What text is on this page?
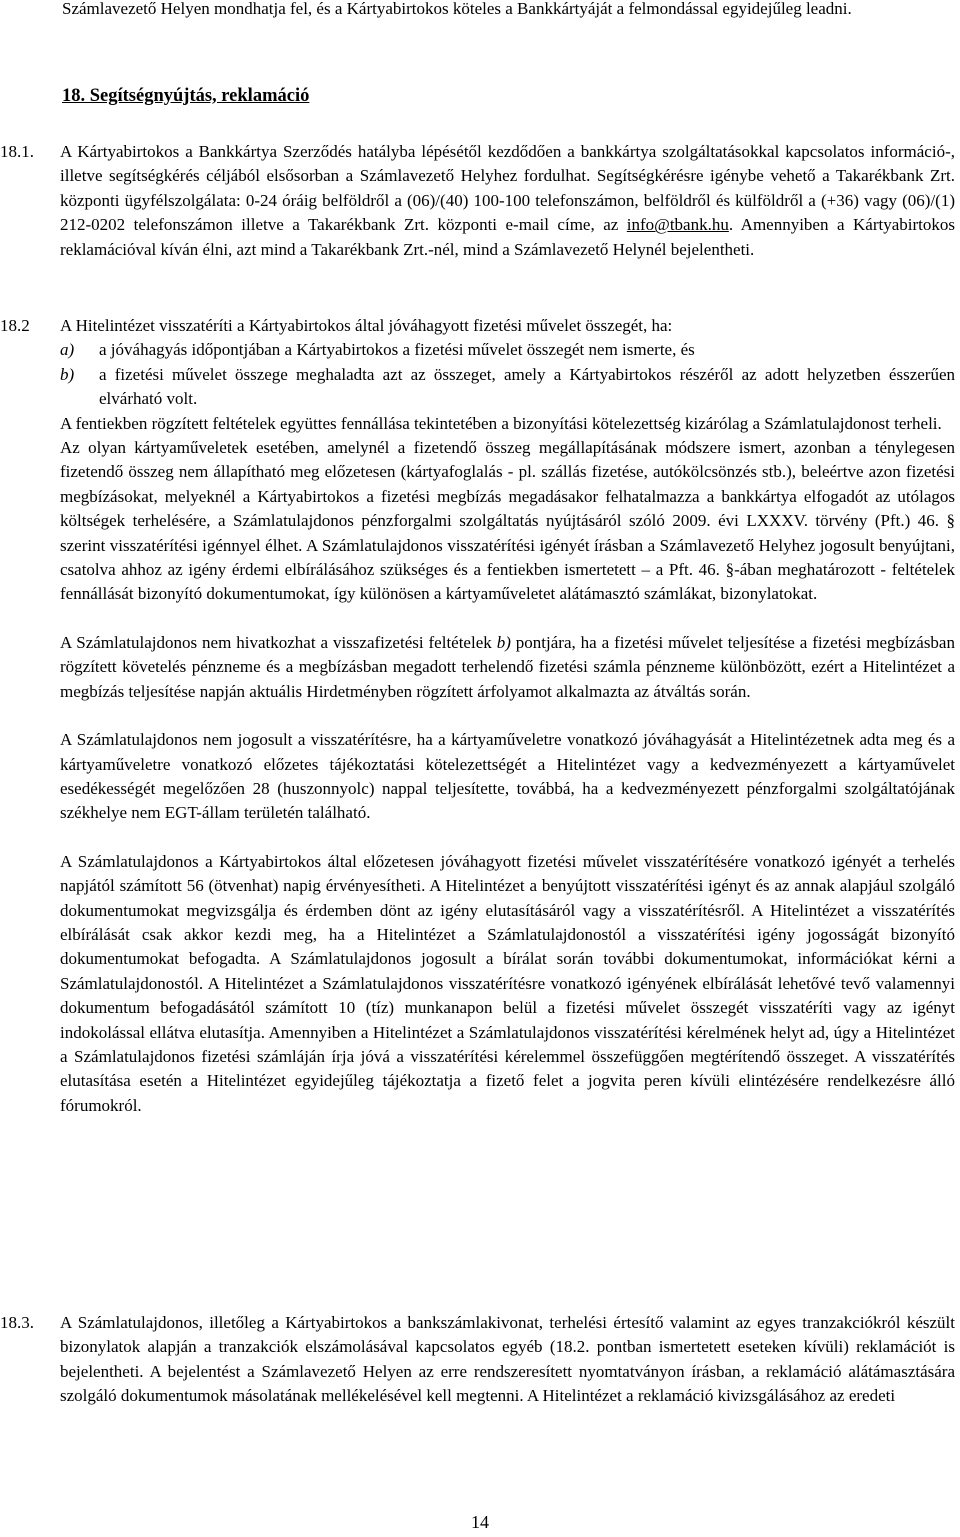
Számlavezető Helyen mondhatja fel, és a Kártyabirtokos köteles a Bankkártyáját a felmondással egyidejűleg leadni.

18. Segítségnyújtás, reklamáció

18.1.	A Kártyabirtokos a Bankkártya Szerződés hatályba lépésétől kezdődően a bankkártya szolgáltatásokkal kapcsolatos információ-, illetve segítségkérés céljából elsősorban a Számlavezető Helyhez fordulhat. Segítségkérésre igénybe vehető a Takarékbank Zrt. központi ügyfélszolgálata: 0-24 óráig belföldről a (06)/(40) 100-100 telefonszámon, belföldről és külföldről a (+36) vagy (06)/(1) 212-0202 telefonszámon illetve a Takarékbank Zrt. központi e-mail címe, az info@tbank.hu. Amennyiben a Kártyabirtokos reklamációval kíván élni, azt mind a Takarékbank Zrt.-nél, mind a Számlavezető Helynél bejelentheti.

18.2	A Hitelintézet visszatéríti a Kártyabirtokos által jóváhagyott fizetési művelet összegét, ha:

a)	a jóváhagyás időpontjában a Kártyabirtokos a fizetési művelet összegét nem ismerte, és

b)	a fizetési művelet összege meghaladta azt az összeget, amely a Kártyabirtokos részéről az adott helyzetben ésszerűen elvárható volt.

A fentiekben rögzített feltételek együttes fennállása tekintetében a bizonyítási kötelezettség kizárólag a Számlatulajdonost terheli.

Az olyan kártyaműveletek esetében, amelynél a fizetendő összeg megállapításának módszere ismert, azonban a ténylegesen fizetendő összeg nem állapítható meg előzetesen (kártyafoglalás - pl. szállás fizetése, autókölcsönzés stb.), beleértve azon fizetési megbízásokat, melyeknél a Kártyabirtokos a fizetési megbízás megadásakor felhatalmazza a bankkártya elfogadót az utólagos költségek terhelésére, a Számlatulajdonos pénzforgalmi szolgáltatás nyújtásáról szóló 2009. évi LXXXV. törvény (Pft.) 46. § szerint visszatérítési igénnyel élhet. A Számlatulajdonos visszatérítési igényét írásban a Számlavezető Helyhez jogosult benyújtani, csatolva ahhoz az igény érdemi elbírálásához szükséges és a fentiekben ismertetett – a Pft. 46. §-ában meghatározott - feltételek fennállását bizonyító dokumentumokat, így különösen a kártyaműveletet alátámasztó számlákat, bizonylatokat.

A Számlatulajdonos nem hivatkozhat a visszafizetési feltételek b) pontjára, ha a fizetési művelet teljesítése a fizetési megbízásban rögzített követelés pénzneme és a megbízásban megadott terhelendő fizetési számla pénzneme különbözött, ezért a Hitelintézet a megbízás teljesítése napján aktuális Hirdetményben rögzített árfolyamot alkalmazta az átváltás során.

A Számlatulajdonos nem jogosult a visszatérítésre, ha a kártyaműveletre vonatkozó jóváhagyását a Hitelintézetnek adta meg és a kártyaműveletre vonatkozó előzetes tájékoztatási kötelezettségét a Hitelintézet vagy a kedvezményezett a kártyaművelet esedékességét megelőzően 28 (huszonnyolc) nappal teljesítette, továbbá, ha a kedvezményezett pénzforgalmi szolgáltatójának székhelye nem EGT-állam területén található.

A Számlatulajdonos a Kártyabirtokos által előzetesen jóváhagyott fizetési művelet visszatérítésére vonatkozó igényét a terhelés napjától számított 56 (ötvenhat) napig érvényesítheti. A Hitelintézet a benyújtott visszatérítési igényt és az annak alapjául szolgáló dokumentumokat megvizsgálja és érdemben dönt az igény elutasításáról vagy a visszatérítésről. A Hitelintézet a visszatérítés elbírálását csak akkor kezdi meg, ha a Hitelintézet a Számlatulajdonostól a visszatérítési igény jogosságát bizonyító dokumentumokat befogadta. A Számlatulajdonos jogosult a bírálat során további dokumentumokat, információkat kérni a Számlatulajdonostól. A Hitelintézet a Számlatulajdonos visszatérítésre vonatkozó igényének elbírálását lehetővé tevő valamennyi dokumentum befogadásától számított 10 (tíz) munkanapon belül a fizetési művelet összegét visszatéríti vagy az igényt indokolással ellátva elutasítja. Amennyiben a Hitelintézet a Számlatulajdonos visszatérítési kérelmének helyt ad, úgy a Hitelintézet a Számlatulajdonos fizetési számláján írja jóvá a visszatérítési kérelemmel összefüggően megtérítendő összeget. A visszatérítés elutasítása esetén a Hitelintézet egyidejűleg tájékoztatja a fizető felet a jogvita peren kívüli elintézésére rendelkezésre álló fórumokról.

18.3.	A Számlatulajdonos, illetőleg a Kártyabirtokos a bankszámlakivonat, terhelési értesítő valamint az egyes tranzakciókról készült bizonylatok alapján a tranzakciók elszámolásával kapcsolatos egyéb (18.2. pontban ismertetett eseteken kívüli) reklamációt is bejelentheti. A bejelentést a Számlavezető Helyen az erre rendszeresített nyomtatványon írásban, a reklamáció alátámasztására szolgáló dokumentumok másolatának mellékelésével kell megtenni. A Hitelintézet a reklamáció kivizsgálásához az eredeti

14
